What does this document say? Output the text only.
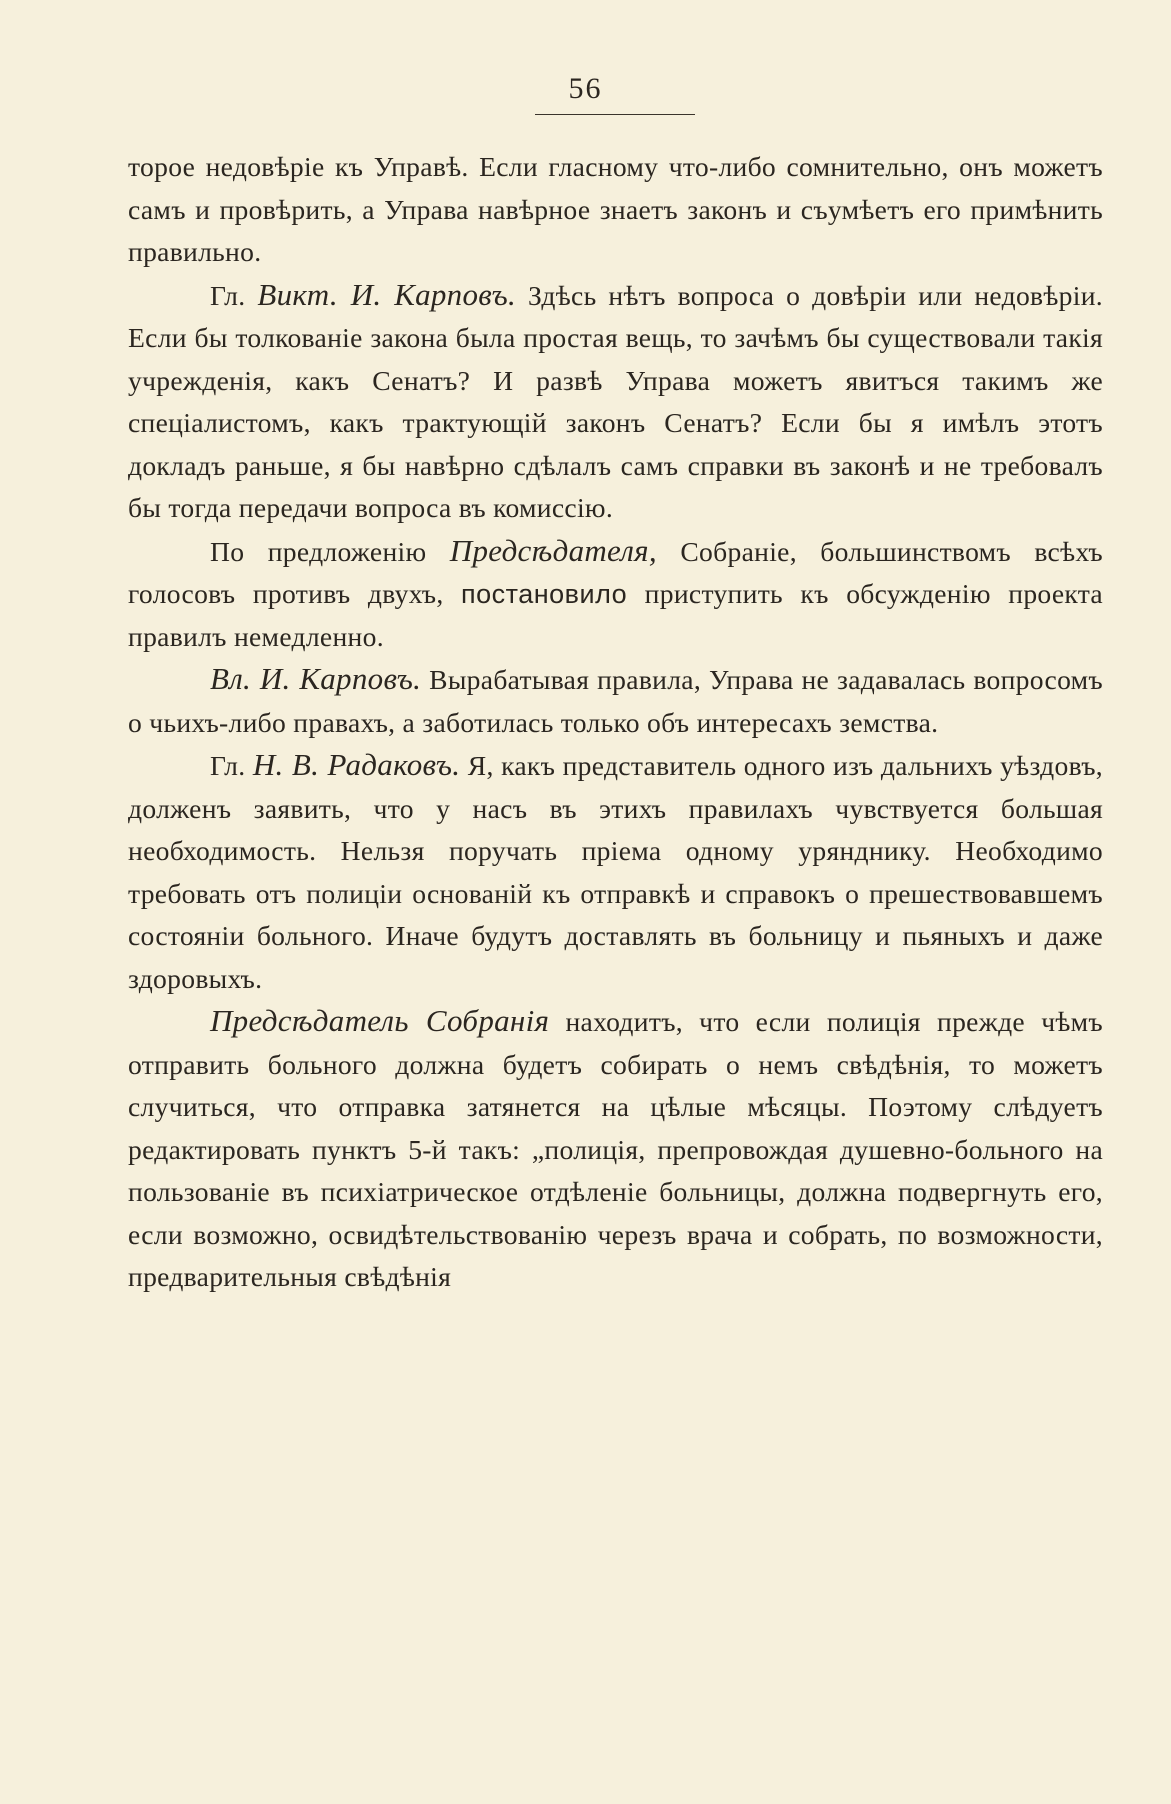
56

торое недовѣріе къ Управѣ. Если гласному что-либо сомнительно, онъ можетъ самъ и провѣрить, а Управа навѣрное знаетъ законъ и съумѣетъ его примѣнить правильно.

Гл. Викт. И. Карповъ. Здѣсь нѣтъ вопроса о довѣріи или недовѣріи. Если бы толкованіе закона была простая вещь, то зачѣмъ бы существовали такія учрежденія, какъ Сенатъ? И развѣ Управа можетъ явитъся такимъ же спеціалистомъ, какъ трактующій законъ Сенатъ? Если бы я имѣлъ этотъ докладъ раньше, я бы навѣрно сдѣлалъ самъ справки въ законѣ и не требовалъ бы тогда передачи вопроса въ комиссію.

По предложенію Предсѣдателя, Собраніе, большинствомъ всѣхъ голосовъ противъ двухъ, постановило приступить къ обсужденію проекта правилъ немедленно.

Вл. И. Карповъ. Вырабатывая правила, Управа не задавалась вопросомъ о чьихъ-либо правахъ, а заботилась только объ интересахъ земства.

Гл. Н. В. Радаковъ. Я, какъ представитель одного изъ дальнихъ уѣздовъ, долженъ заявить, что у насъ въ этихъ правилахъ чувствуется большая необходимость. Нельзя поручать пріема одному урянднику. Необходимо требовать отъ полиціи основаній къ отправкѣ и справокъ о прешествовавшемъ состояніи больного. Иначе будутъ доставлять въ больницу и пьяныхъ и даже здоровыхъ.

Предсѣдатель Собранія находитъ, что если полиція прежде чѣмъ отправить больного должна будетъ собирать о немъ свѣдѣнія, то можетъ случиться, что отправка затянется на цѣлые мѣсяцы. Поэтому слѣдуетъ редактировать пунктъ 5-й такъ: „полиція, препровождая душевно-больного на пользованіе въ психіатрическое отдѣленіе больницы, должна подвергнуть его, если возможно, освидѣтельствованію черезъ врача и собрать, по возможности, предварительныя свѣдѣнія
